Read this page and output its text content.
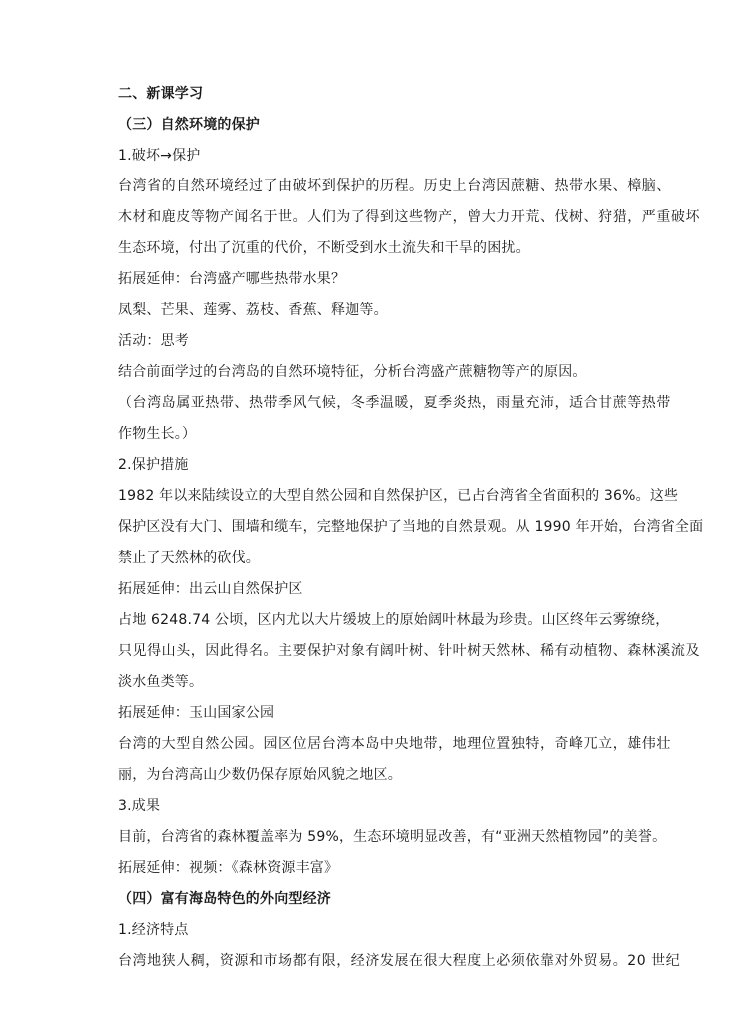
二、新课学习
（三）自然环境的保护
1.破坏→保护
台湾省的自然环境经过了由破坏到保护的历程。历史上台湾因蔗糖、热带水果、樟脑、
木材和鹿皮等物产闻名于世。人们为了得到这些物产，曾大力开荒、伐树、狩猎，严重破坏
生态环境，付出了沉重的代价，不断受到水土流失和干旱的困扰。
拓展延伸：台湾盛产哪些热带水果？
凤梨、芒果、莲雾、荔枝、香蕉、释迦等。
活动：思考
结合前面学过的台湾岛的自然环境特征，分析台湾盛产蔗糖物等产的原因。
（台湾岛属亚热带、热带季风气候，冬季温暖，夏季炎热，雨量充沛，适合甘蔗等热带
作物生长。）
2.保护措施
1982 年以来陆续设立的大型自然公园和自然保护区，已占台湾省全省面积的 36%。这些
保护区没有大门、围墙和缆车，完整地保护了当地的自然景观。从 1990 年开始，台湾省全面
禁止了天然林的砍伐。
拓展延伸：出云山自然保护区
占地 6248.74 公顷，区内尤以大片缓坡上的原始阔叶林最为珍贵。山区终年云雾缭绕，
只见得山头，因此得名。主要保护对象有阔叶树、针叶树天然林、稀有动植物、森林溪流及
淡水鱼类等。
拓展延伸：玉山国家公园
台湾的大型自然公园。园区位居台湾本岛中央地带，地理位置独特，奇峰兀立，雄伟壮
丽，为台湾高山少数仍保存原始风貌之地区。
3.成果
目前，台湾省的森林覆盖率为 59%，生态环境明显改善，有“亚洲天然植物园”的美誉。
拓展延伸：视频：《森林资源丰富》
（四）富有海岛特色的外向型经济
1.经济特点
台湾地狭人稠，资源和市场都有限，经济发展在很大程度上必须依靠对外贸易。20 世纪
